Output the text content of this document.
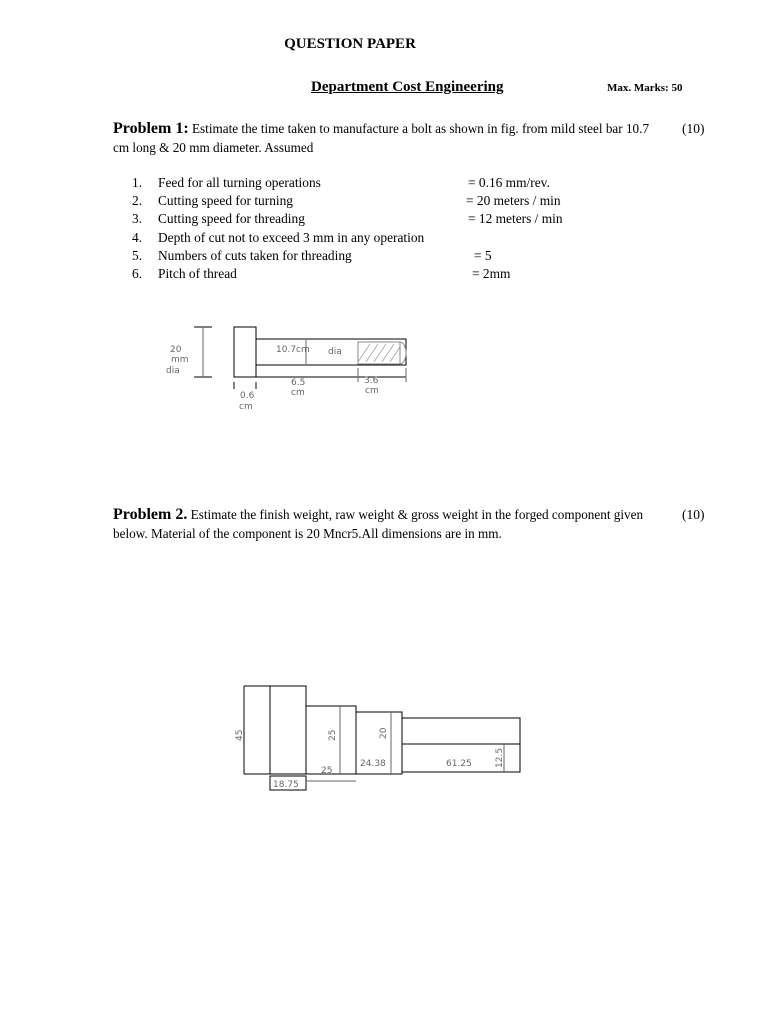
QUESTION PAPER
Department Cost Engineering	Max. Marks: 50
Problem 1: Estimate the time taken to manufacture a bolt as shown in fig. from mild steel bar 10.7 cm long & 20 mm diameter. Assumed
(10)
1. Feed for all turning operations	= 0.16 mm/rev.
2. Cutting speed for turning	= 20 meters / min
3. Cutting speed for threading	= 12 meters / min
4. Depth of cut not to exceed 3 mm in any operation
5. Numbers of cuts taken for threading	= 5
6. Pitch of thread	= 2mm
20
mm
dia
10.7cm dia
6.5
cm
3.6
cm
0.6
cm
Problem 2. Estimate the finish weight, raw weight & gross weight in the forged component given below. Material of the component is 20 Mncr5.All dimensions are in mm.
(10)
45	25	20
12.5
18.75
25
24.38	61.25
